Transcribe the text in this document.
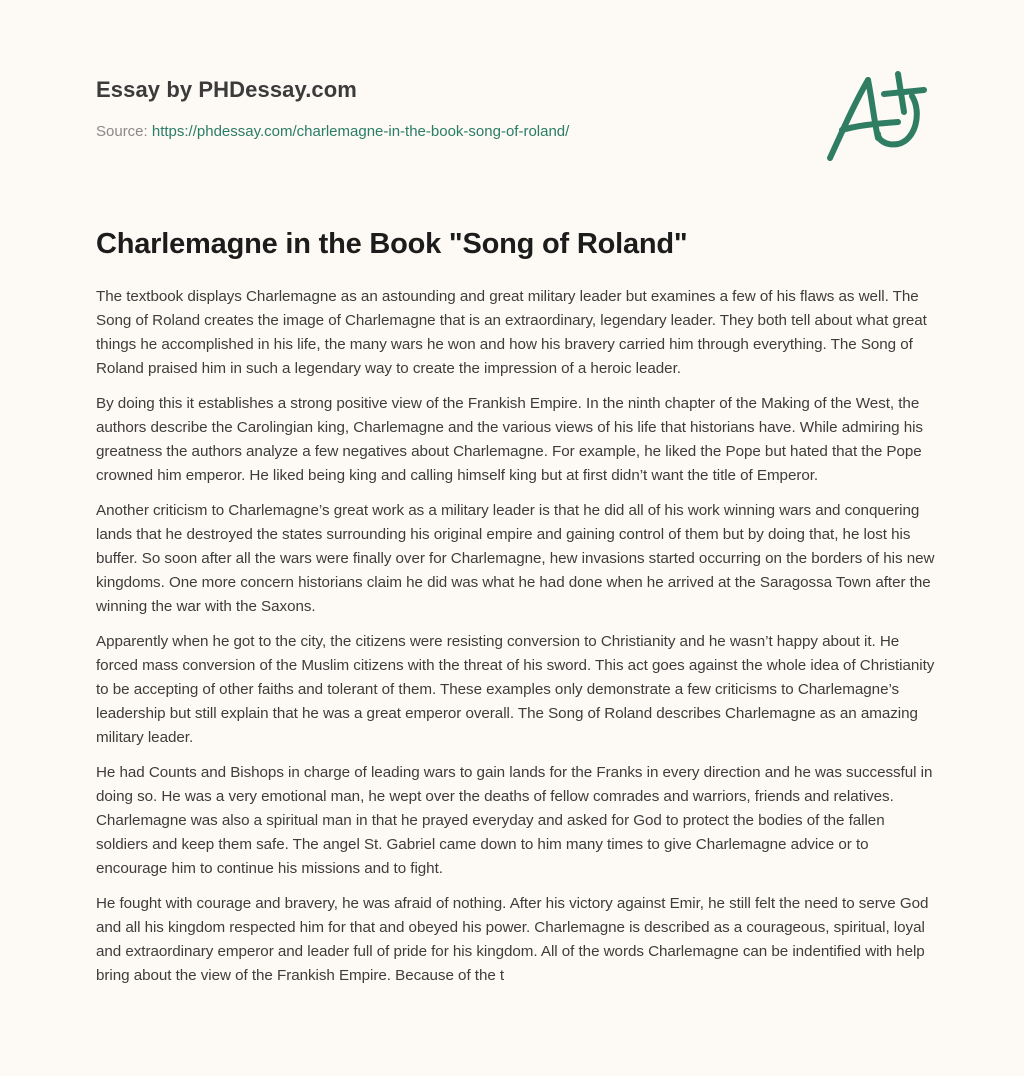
Essay by PHDessay.com
Source: https://phdessay.com/charlemagne-in-the-book-song-of-roland/
Charlemagne in the Book "Song of Roland"

The textbook displays Charlemagne as an astounding and great military leader but examines a few of his flaws as well. The Song of Roland creates the image of Charlemagne that is an extraordinary, legendary leader. They both tell about what great things he accomplished in his life, the many wars he won and how his bravery carried him through everything. The Song of Roland praised him in such a legendary way to create the impression of a heroic leader.

By doing this it establishes a strong positive view of the Frankish Empire. In the ninth chapter of the Making of the West, the authors describe the Carolingian king, Charlemagne and the various views of his life that historians have. While admiring his greatness the authors analyze a few negatives about Charlemagne. For example, he liked the Pope but hated that the Pope crowned him emperor. He liked being king and calling himself king but at first didn’t want the title of Emperor.

Another criticism to Charlemagne’s great work as a military leader is that he did all of his work winning wars and conquering lands that he destroyed the states surrounding his original empire and gaining control of them but by doing that, he lost his buffer. So soon after all the wars were finally over for Charlemagne, hew invasions started occurring on the borders of his new kingdoms. One more concern historians claim he did was what he had done when he arrived at the Saragossa Town after the winning the war with the Saxons.

Apparently when he got to the city, the citizens were resisting conversion to Christianity and he wasn’t happy about it. He forced mass conversion of the Muslim citizens with the threat of his sword. This act goes against the whole idea of Christianity to be accepting of other faiths and tolerant of them. These examples only demonstrate a few criticisms to Charlemagne’s leadership but still explain that he was a great emperor overall. The Song of Roland describes Charlemagne as an amazing military leader.

He had Counts and Bishops in charge of leading wars to gain lands for the Franks in every direction and he was successful in doing so. He was a very emotional man, he wept over the deaths of fellow comrades and warriors, friends and relatives. Charlemagne was also a spiritual man in that he prayed everyday and asked for God to protect the bodies of the fallen soldiers and keep them safe. The angel St. Gabriel came down to him many times to give Charlemagne advice or to encourage him to continue his missions and to fight.

He fought with courage and bravery, he was afraid of nothing. After his victory against Emir, he still felt the need to serve God and all his kingdom respected him for that and obeyed his power. Charlemagne is described as a courageous, spiritual, loyal and extraordinary emperor and leader full of pride for his kingdom. All of the words Charlemagne can be indentified with help bring about the view of the Frankish Empire. Because of the t
